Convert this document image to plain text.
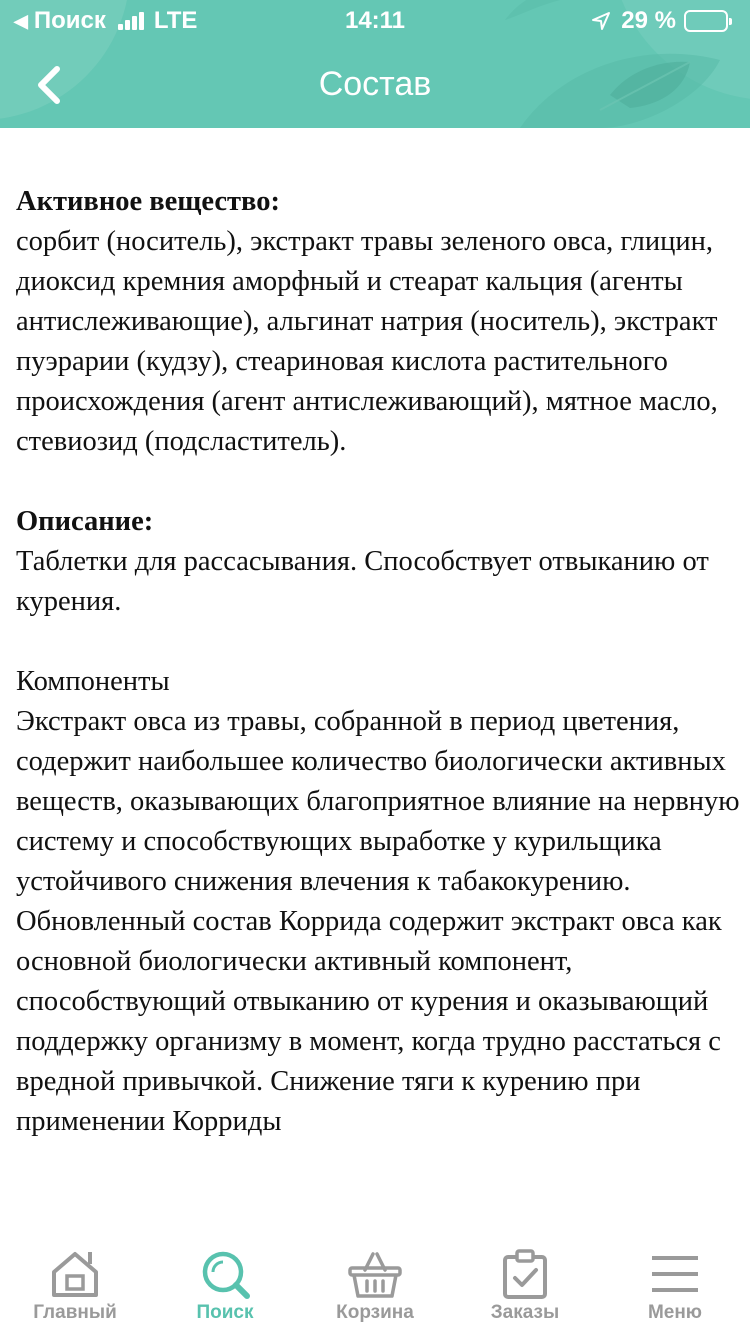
◀ Поиск LTE	14:11	29 %
Состав
Активное вещество:
сорбит (носитель), экстракт травы зеленого овса, глицин, диоксид кремния аморфный и стеарат кальция (агенты антислеживающие), альгинат натрия (носитель), экстракт пуэрарии (кудзу), стеариновая кислота растительного происхождения (агент антислеживающий), мятное масло, стевиозид (подсластитель).
Описание:
Таблетки для рассасывания. Способствует отвыканию от курения.
Компоненты
Экстракт овса из травы, собранной в период цветения, содержит наибольшее количество биологически активных веществ, оказывающих благоприятное влияние на нервную систему и способствующих выработке у курильщика устойчивого снижения влечения к табакокурению. Обновленный состав Коррида содержит экстракт овса как основной биологически активный компонент, способствующий отвыканию от курения и оказывающий поддержку организму в момент, когда трудно расстаться с вредной привычкой. Снижение тяги к курению при применении Корриды
Главный	Поиск	Корзина	Заказы	Меню
